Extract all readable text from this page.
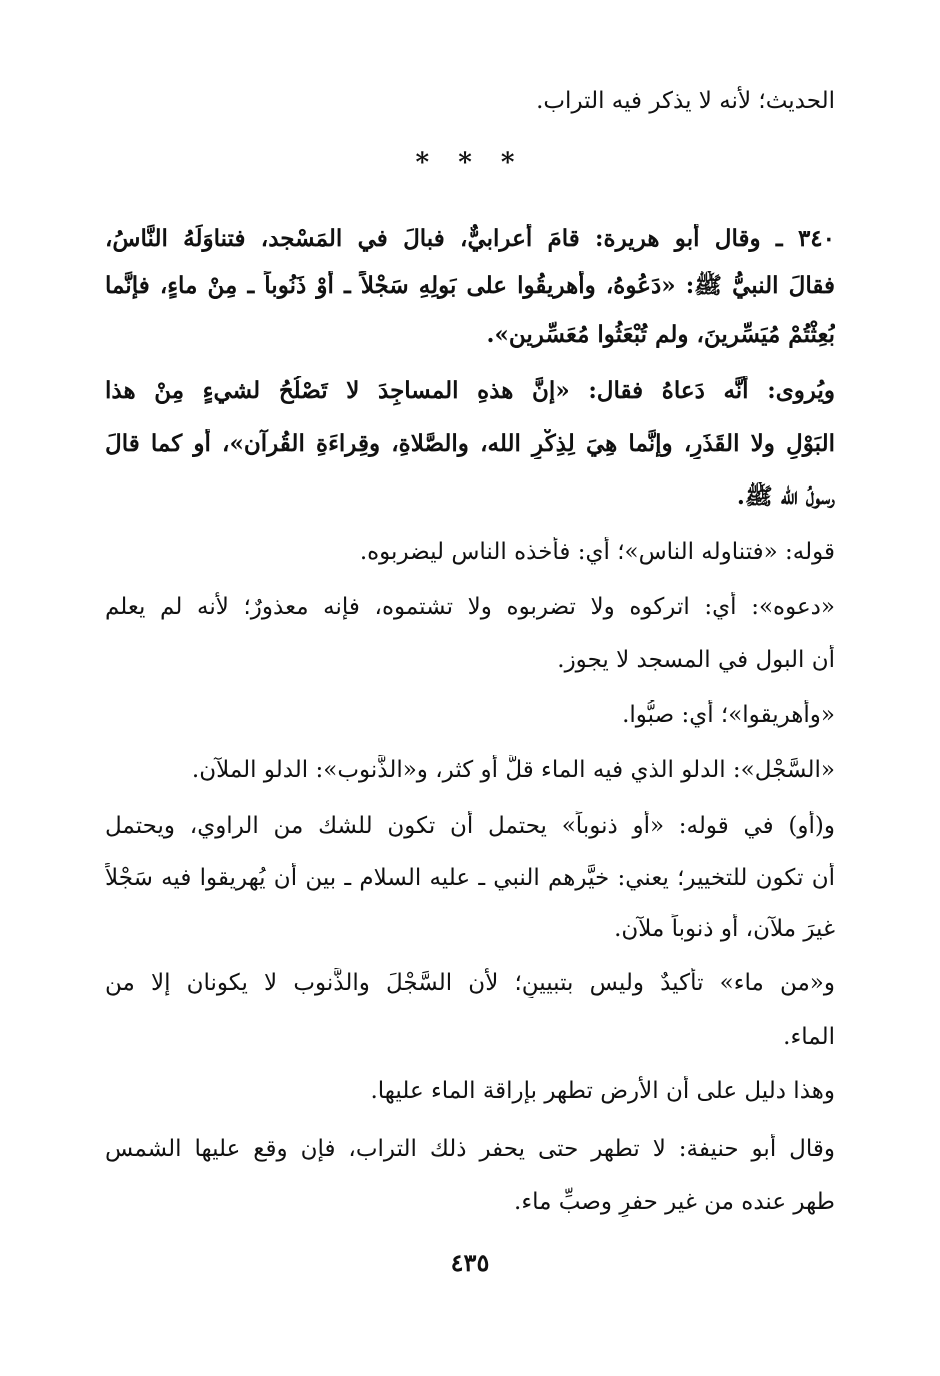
الحديث؛ لأنه لا يذكر فيه التراب.
* * *
٣٤٠ ـ وقال أبو هريرة: قامَ أعرابيٌّ، فبالَ في المَسْجد، فتناوَلَهُ النَّاسُ،
فقالَ النبيُّ ﷺ: «دَعُوهُ، وأهريقُوا على بَولِهِ سَجْلاً ـ أَوْ ذَنُوباً ـ مِنْ ماءٍ، فإنَّما
بُعِثْتُمْ مُيَسِّرينَ، ولم تُبْعَثُوا مُعَسِّرين».
ويُروى: أنَّه دَعاهُ فقال: «إنَّ هذهِ المساجِدَ لا تَصْلُحُ لشيءٍ مِنْ هذا
البَوْلِ ولا القَذَرِ، وإنَّما هِيَ لِذِكْرِ الله، والصَّلاةِ، وقِراءَةِ القُرآن»، أو كما قالَ
رسولُ الله ﷺ.
قوله: «فتناوله الناس»؛ أي: فأخذه الناس ليضربوه.
«دعوه»: أي: اتركوه ولا تضربوه ولا تشتموه، فإنه معذورٌ؛ لأنه لم يعلم
أن البول في المسجد لا يجوز.
«وأهريقوا»؛ أي: صبُّوا.
«السَّجْل»: الدلو الذي فيه الماء قلَّ أو كثر، و«الذَّنوب»: الدلو الملآن.
و(أو) في قوله: «أو ذنوباً» يحتمل أن تكون للشك من الراوي، ويحتمل
أن تكون للتخيير؛ يعني: خيَّرهم النبي ـ عليه السلام ـ بين أن يُهريقوا فيه سَجْلاً
غيرَ ملآن، أو ذنوباً ملآن.
و«من ماء» تأكيدٌ وليس بتبيينٍ؛ لأن السَّجْلَ والذَّنوب لا يكونان إلا من
الماء.
وهذا دليل على أن الأرض تطهر بإراقة الماء عليها.
وقال أبو حنيفة: لا تطهر حتى يحفر ذلك التراب، فإن وقع عليها الشمس
طهر عنده من غير حفرٍ وصبِّ ماء.
٤٣٥
